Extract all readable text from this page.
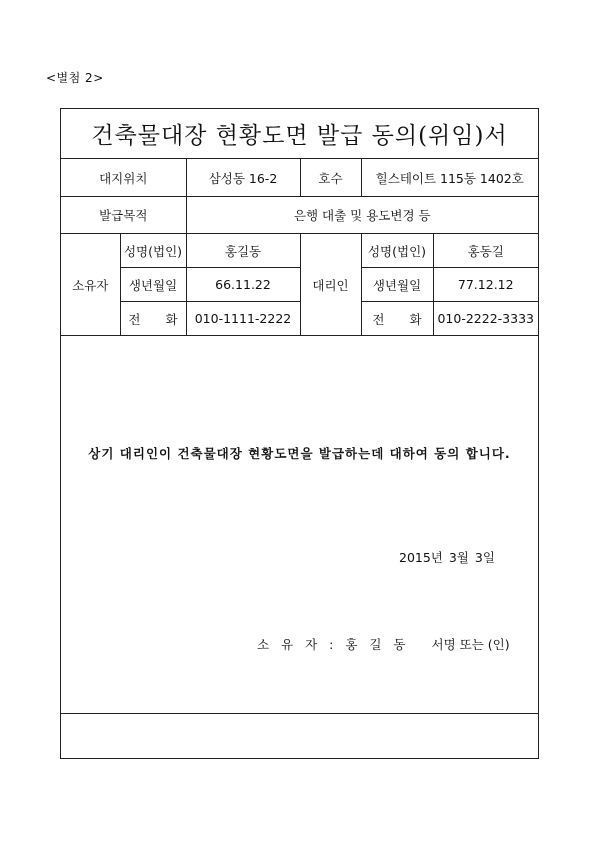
<별첨 2>
건축물대장 현황도면 발급 동의(위임)서
대지위치		삼성동 16-2	호수	힐스테이트 115동 1402호	
발급목적		은행 대출 및 용도변경 등			
소유자	성명(법인)	홍길동	대리인	성명(법인)	홍동길
	생년월일	66.11.22		생년월일	77.12.12
	전　　화	010-1111-2222		전　　화	010-2222-3333
상기 대리인이 건축물대장 현황도면을 발급하는데 대하여 동의 합니다.
2015년 3월 3일
소 유 자 : 홍 길 동 서명 또는 (인)
